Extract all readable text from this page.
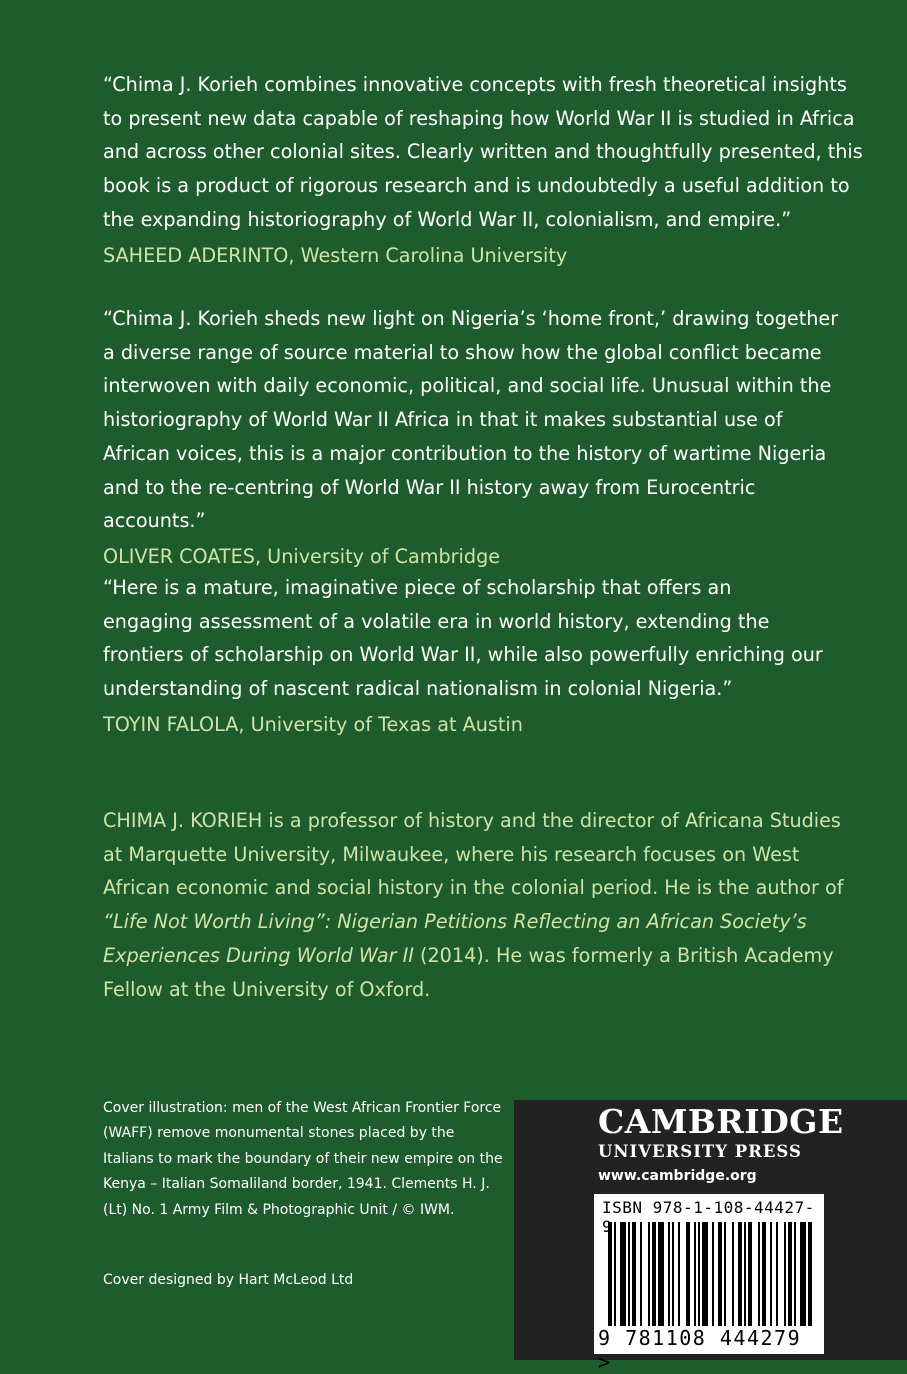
“Chima J. Korieh combines innovative concepts with fresh theoretical insights to present new data capable of reshaping how World War II is studied in Africa and across other colonial sites. Clearly written and thoughtfully presented, this book is a product of rigorous research and is undoubtedly a useful addition to the expanding historiography of World War II, colonialism, and empire.”

SAHEED ADERINTO, Western Carolina University

“Chima J. Korieh sheds new light on Nigeria’s ‘home front,’ drawing together a diverse range of source material to show how the global conflict became interwoven with daily economic, political, and social life. Unusual within the historiography of World War II Africa in that it makes substantial use of African voices, this is a major contribution to the history of wartime Nigeria and to the re-centring of World War II history away from Eurocentric accounts.”

OLIVER COATES, University of Cambridge

“Here is a mature, imaginative piece of scholarship that offers an engaging assessment of a volatile era in world history, extending the frontiers of scholarship on World War II, while also powerfully enriching our understanding of nascent radical nationalism in colonial Nigeria.”

TOYIN FALOLA, University of Texas at Austin

CHIMA J. KORIEH is a professor of history and the director of Africana Studies at Marquette University, Milwaukee, where his research focuses on West African economic and social history in the colonial period. He is the author of “Life Not Worth Living”: Nigerian Petitions Reflecting an African Society’s Experiences During World War II (2014). He was formerly a British Academy Fellow at the University of Oxford.

Cover illustration: men of the West African Frontier Force (WAFF) remove monumental stones placed by the Italians to mark the boundary of their new empire on the Kenya – Italian Somaliland border, 1941. Clements H. J. (Lt) No. 1 Army Film & Photographic Unit / © IWM.

Cover designed by Hart McLeod Ltd
CAMBRIDGE
UNIVERSITY PRESS
www.cambridge.org
ISBN 978-1-108-44427-9
9 781108 444279 >
